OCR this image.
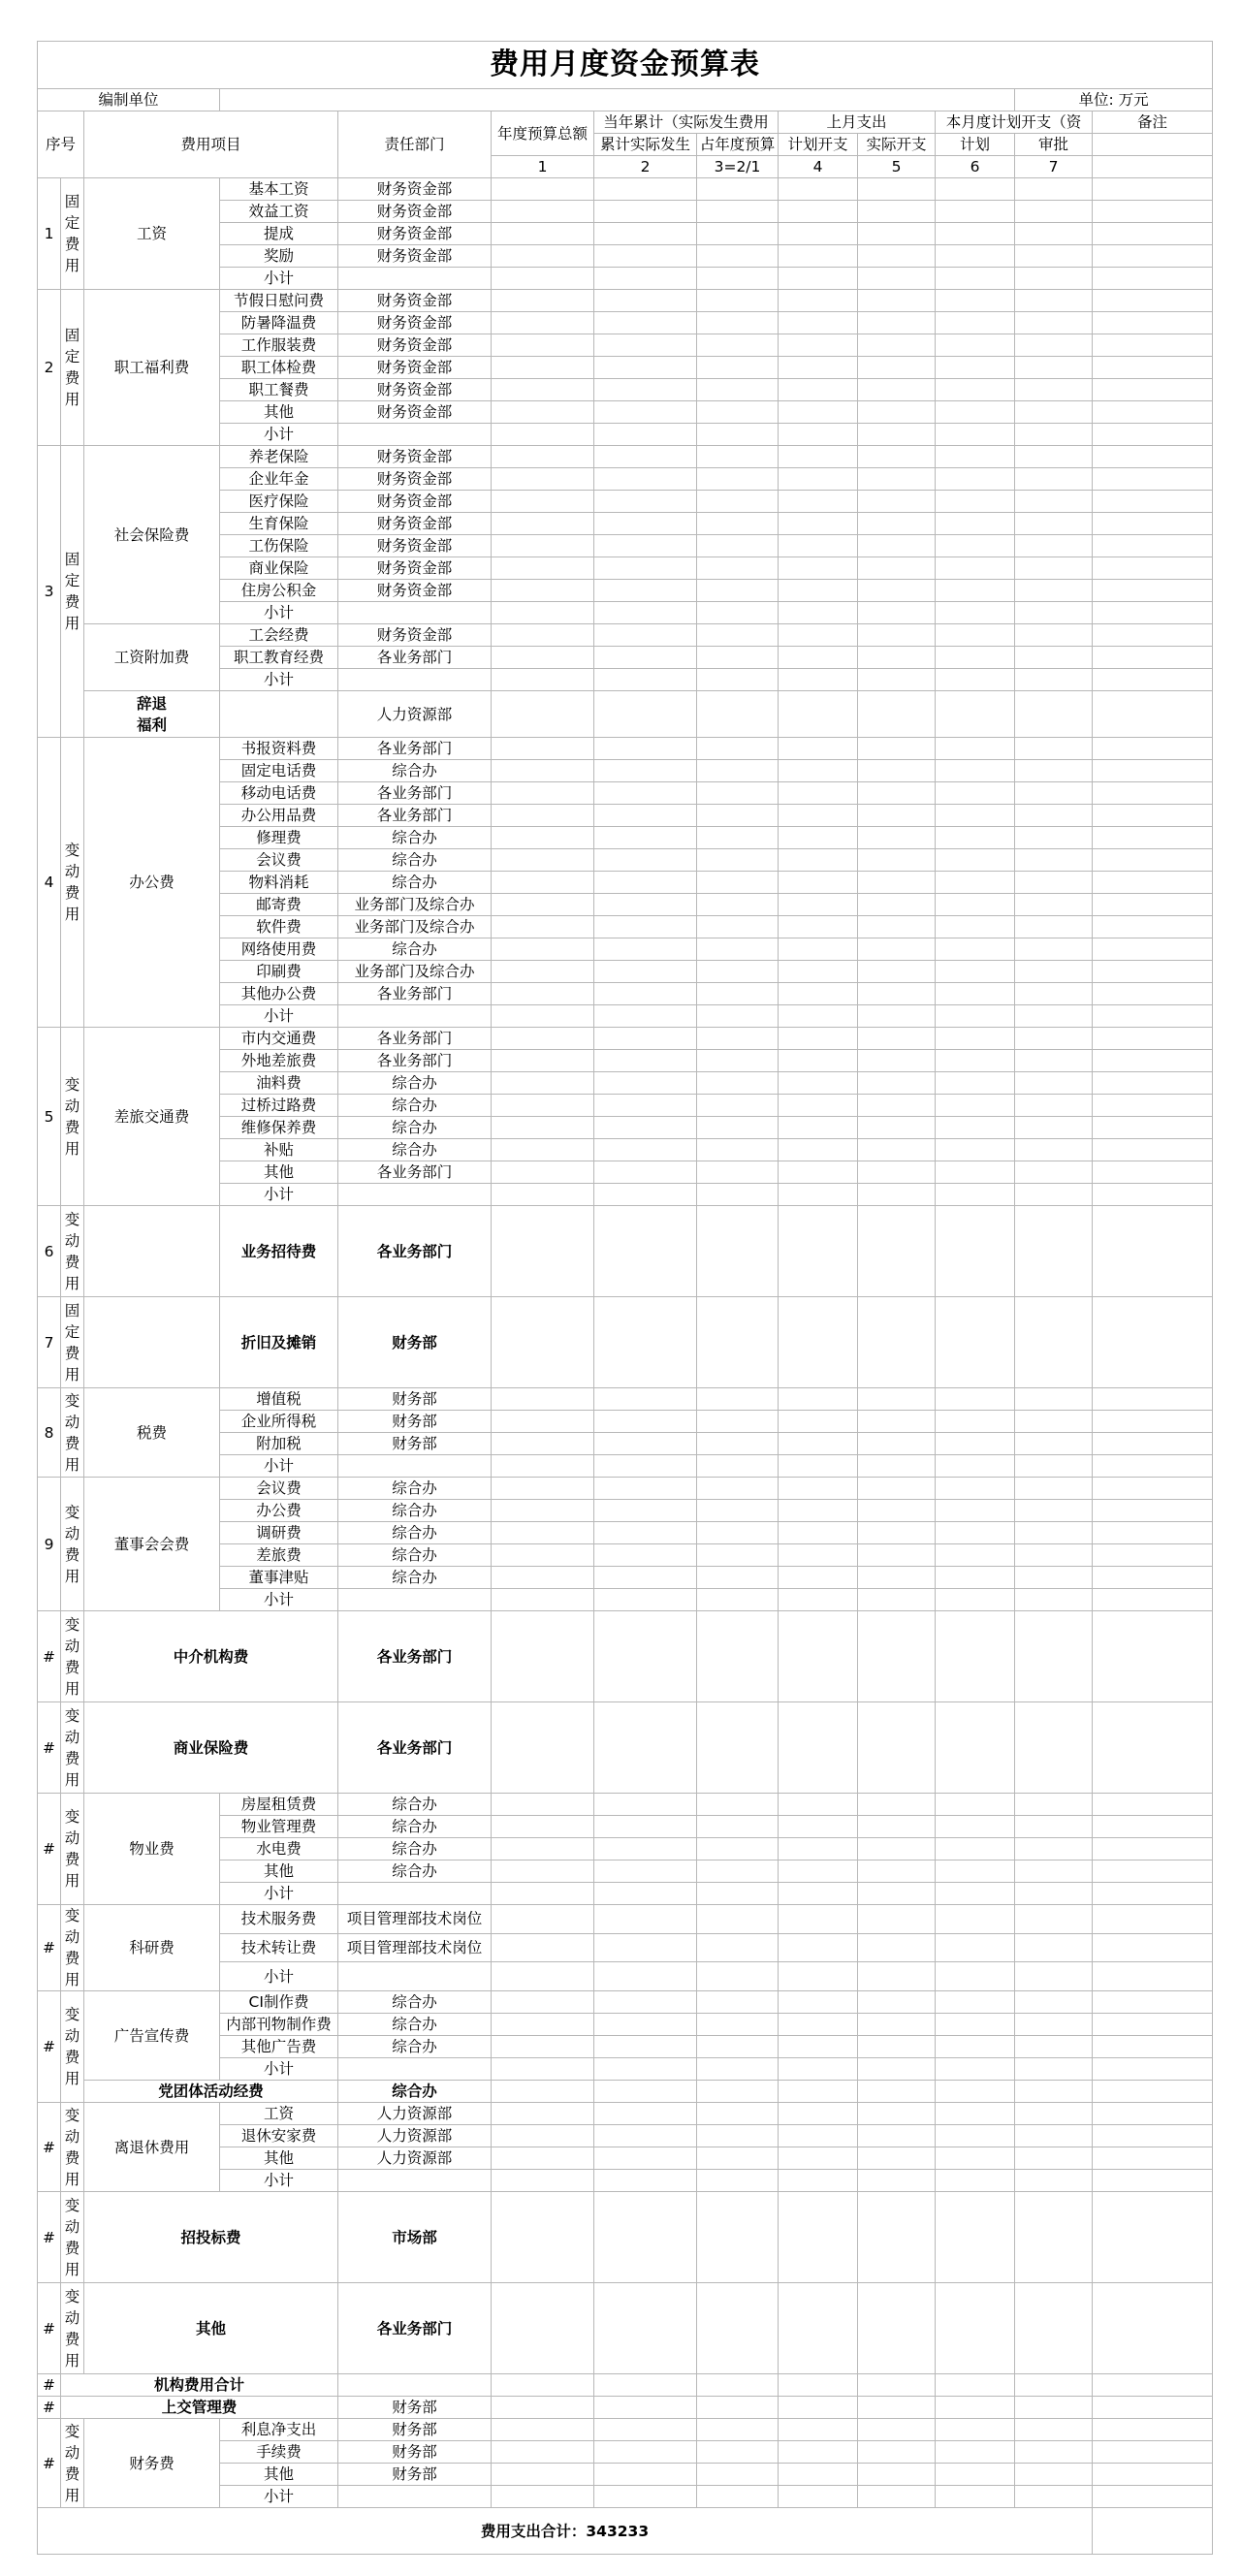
费用月度资金预算表													
编制单位											单位: 万元		
序号		费用项目		责任部门	年度预算总额	当年累计（实际发生费用		上月支出		本月度计划开支（资		备注	
						累计实际发生	占年度预算	计划开支	实际开支	计划	审批		
					1	2	3=2/1	4	5	6	7		
1	固定费用	工资	基本工资	财务资金部									
			效益工资	财务资金部									
			提成	财务资金部									
			奖励	财务资金部									
			小计										
2	固定费用	职工福利费	节假日慰问费	财务资金部									
			防暑降温费	财务资金部									
			工作服装费	财务资金部									
			职工体检费	财务资金部									
			职工餐费	财务资金部									
			其他	财务资金部									
			小计										
3	固定费用	社会保险费	养老保险	财务资金部									
			企业年金	财务资金部									
			医疗保险	财务资金部									
			生育保险	财务资金部									
			工伤保险	财务资金部									
			商业保险	财务资金部									
			住房公积金	财务资金部									
			小计										
		工资附加费	工会经费	财务资金部									
			职工教育经费	各业务部门									
			小计										
		辞退福利		人力资源部									
4	变动费用	办公费	书报资料费	各业务部门									
			固定电话费	综合办									
			移动电话费	各业务部门									
			办公用品费	各业务部门									
			修理费	综合办									
			会议费	综合办									
			物料消耗	综合办									
			邮寄费	业务部门及综合办									
			软件费	业务部门及综合办									
			网络使用费	综合办									
			印刷费	业务部门及综合办									
			其他办公费	各业务部门									
			小计										
5	变动费用	差旅交通费	市内交通费	各业务部门									
			外地差旅费	各业务部门									
			油料费	综合办									
			过桥过路费	综合办									
			维修保养费	综合办									
			补贴	综合办									
			其他	各业务部门									
			小计										
6	变动费用		业务招待费	各业务部门									
7	固定费用		折旧及摊销	财务部									
8	变动费用	税费	增值税	财务部									
			企业所得税	财务部									
			附加税	财务部									
			小计										
9	变动费用	董事会会费	会议费	综合办									
			办公费	综合办									
			调研费	综合办									
			差旅费	综合办									
			董事津贴	综合办									
			小计										
#	变动费用	中介机构费		各业务部门									
#	变动费用	商业保险费		各业务部门									
#	变动费用	物业费	房屋租赁费	综合办									
			物业管理费	综合办									
			水电费	综合办									
			其他	综合办									
			小计										
#	变动费用	科研费	技术服务费	项目管理部技术岗位									
			技术转让费	项目管理部技术岗位									
			小计										
#	变动费用	广告宣传费	CI制作费	综合办									
			内部刊物制作费	综合办									
			其他广告费	综合办									
			小计										
		党团体活动经费		综合办									
#	变动费用	离退休费用	工资	人力资源部									
			退休安家费	人力资源部									
			其他	人力资源部									
			小计										
#	变动费用	招投标费		市场部									
#	变动费用	其他		各业务部门									
#	机构费用合计												
#	上交管理费			财务部									
#	变动费用	财务费	利息净支出	财务部									
			手续费	财务部									
			其他	财务部									
			小计										
费用支出合计：343233													
